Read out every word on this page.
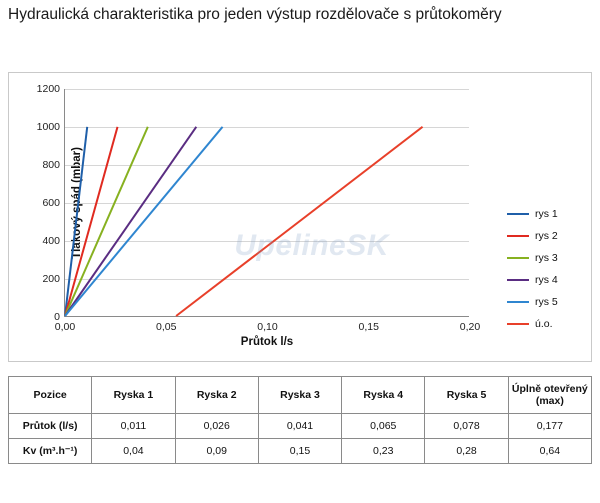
Hydraulická charakteristika pro jeden výstup rozdělovače s průtokoměry
Tlakový spád (mbar)
Průtok l/s
0
200
400
600
800
1000
1200
0,00	0,05	0,10	0,15	0,20
UpelineSK
rys 1
rys 2
rys 3
rys 4
rys 5
ú.o.
Pozice	Ryska 1	Ryska 2	Ryska 3	Ryska 4	Ryska 5	Úplně otevřený (max)
Průtok (l/s)	0,011	0,026	0,041	0,065	0,078	0,177
Kv (m³.h⁻¹)	0,04	0,09	0,15	0,23	0,28	0,64
